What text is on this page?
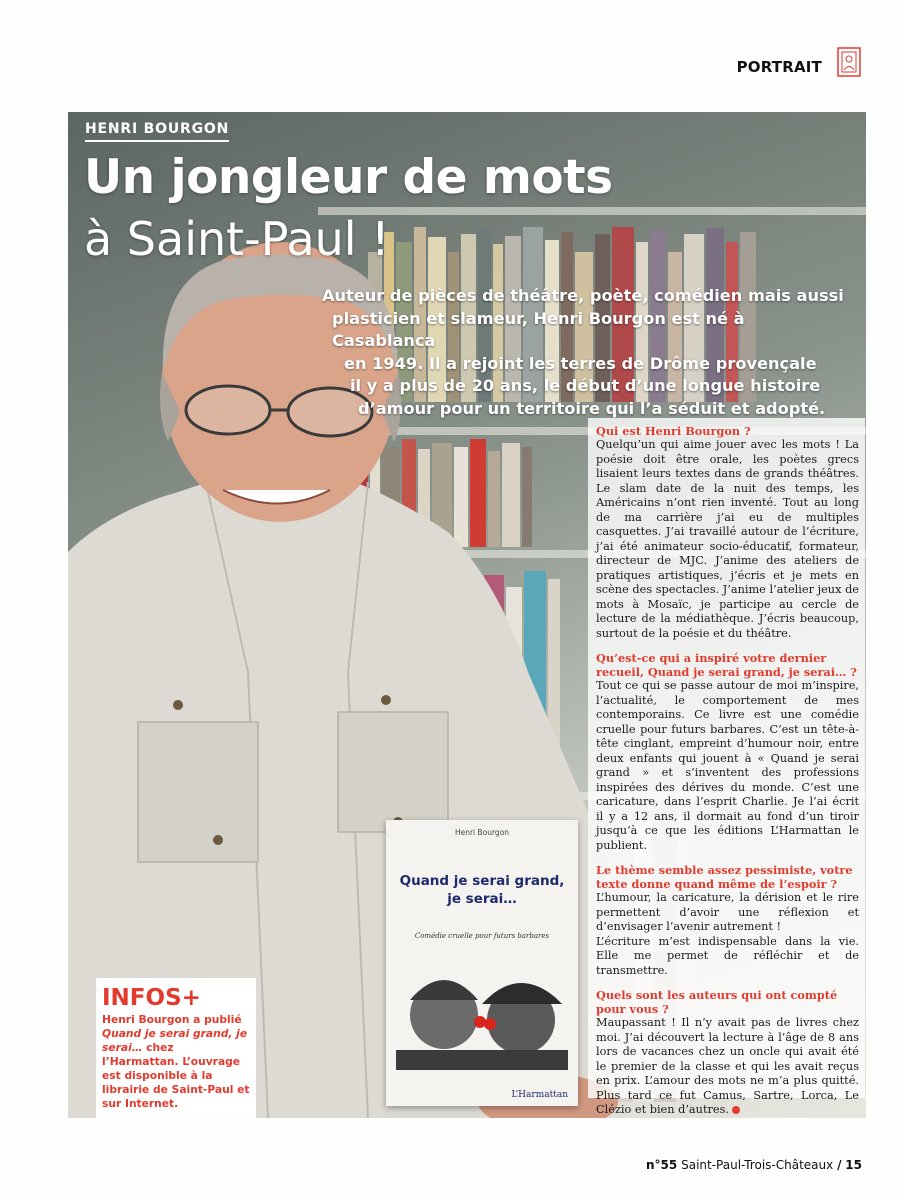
PORTRAIT
HENRI BOURGON
Un jongleur de mots
à Saint-Paul !
Auteur de pièces de théâtre, poète, comédien mais aussi
plasticien et slameur, Henri Bourgon est né à Casablanca
en 1949. Il a rejoint les terres de Drôme provençale
il y a plus de 20 ans, le début d’une longue histoire
d’amour pour un territoire qui l’a séduit et adopté.
Qui est Henri Bourgon ?

Quelqu’un qui aime jouer avec les mots ! La poésie doit être orale, les poètes grecs lisaient leurs textes dans de grands théâtres. Le slam date de la nuit des temps, les Américains n’ont rien inventé. Tout au long de ma carrière j’ai eu de multiples casquettes. J’ai travaillé autour de l’écriture, j’ai été animateur socio-éducatif, formateur, directeur de MJC. J’anime des ateliers de pratiques artistiques, j’écris et je mets en scène des spectacles. J’anime l’atelier jeux de mots à Mosaïc, je participe au cercle de lecture de la médiathèque. J’écris beaucoup, surtout de la poésie et du théâtre.

Qu’est-ce qui a inspiré votre dernier recueil, Quand je serai grand, je serai… ?

Tout ce qui se passe autour de moi m’inspire, l’actualité, le comportement de mes contemporains. Ce livre est une comédie cruelle pour futurs barbares. C’est un tête-à-tête cinglant, empreint d’humour noir, entre deux enfants qui jouent à « Quand je serai grand » et s’inventent des professions inspirées des dérives du monde. C’est une caricature, dans l’esprit Charlie. Je l’ai écrit il y a 12 ans, il dormait au fond d’un tiroir jusqu’à ce que les éditions L’Harmattan le publient.

Le thème semble assez pessimiste, votre texte donne quand même de l’espoir ?

L’humour, la caricature, la dérision et le rire permettent d’avoir une réflexion et d’envisager l’avenir autrement !

L’écriture m’est indispensable dans la vie. Elle me permet de réfléchir et de transmettre.

Quels sont les auteurs qui ont compté pour vous ?

Maupassant ! Il n’y avait pas de livres chez moi. J’ai découvert la lecture à l’âge de 8 ans lors de vacances chez un oncle qui avait été le premier de la classe et qui les avait reçus en prix. L’amour des mots ne m’a plus quitté. Plus tard ce fut Camus, Sartre, Lorca, Le Clézio et bien d’autres.

Henri Bourgon
Quand je serai grand, je serai…
Comédie cruelle pour futurs barbares
L’Harmattan
INFOS+
Henri Bourgon a publié Quand je serai grand, je serai… chez l’Harmattan. L’ouvrage est disponible à la librairie de Saint-Paul et sur Internet.
n°55 Saint-Paul-Trois-Châteaux / 15
